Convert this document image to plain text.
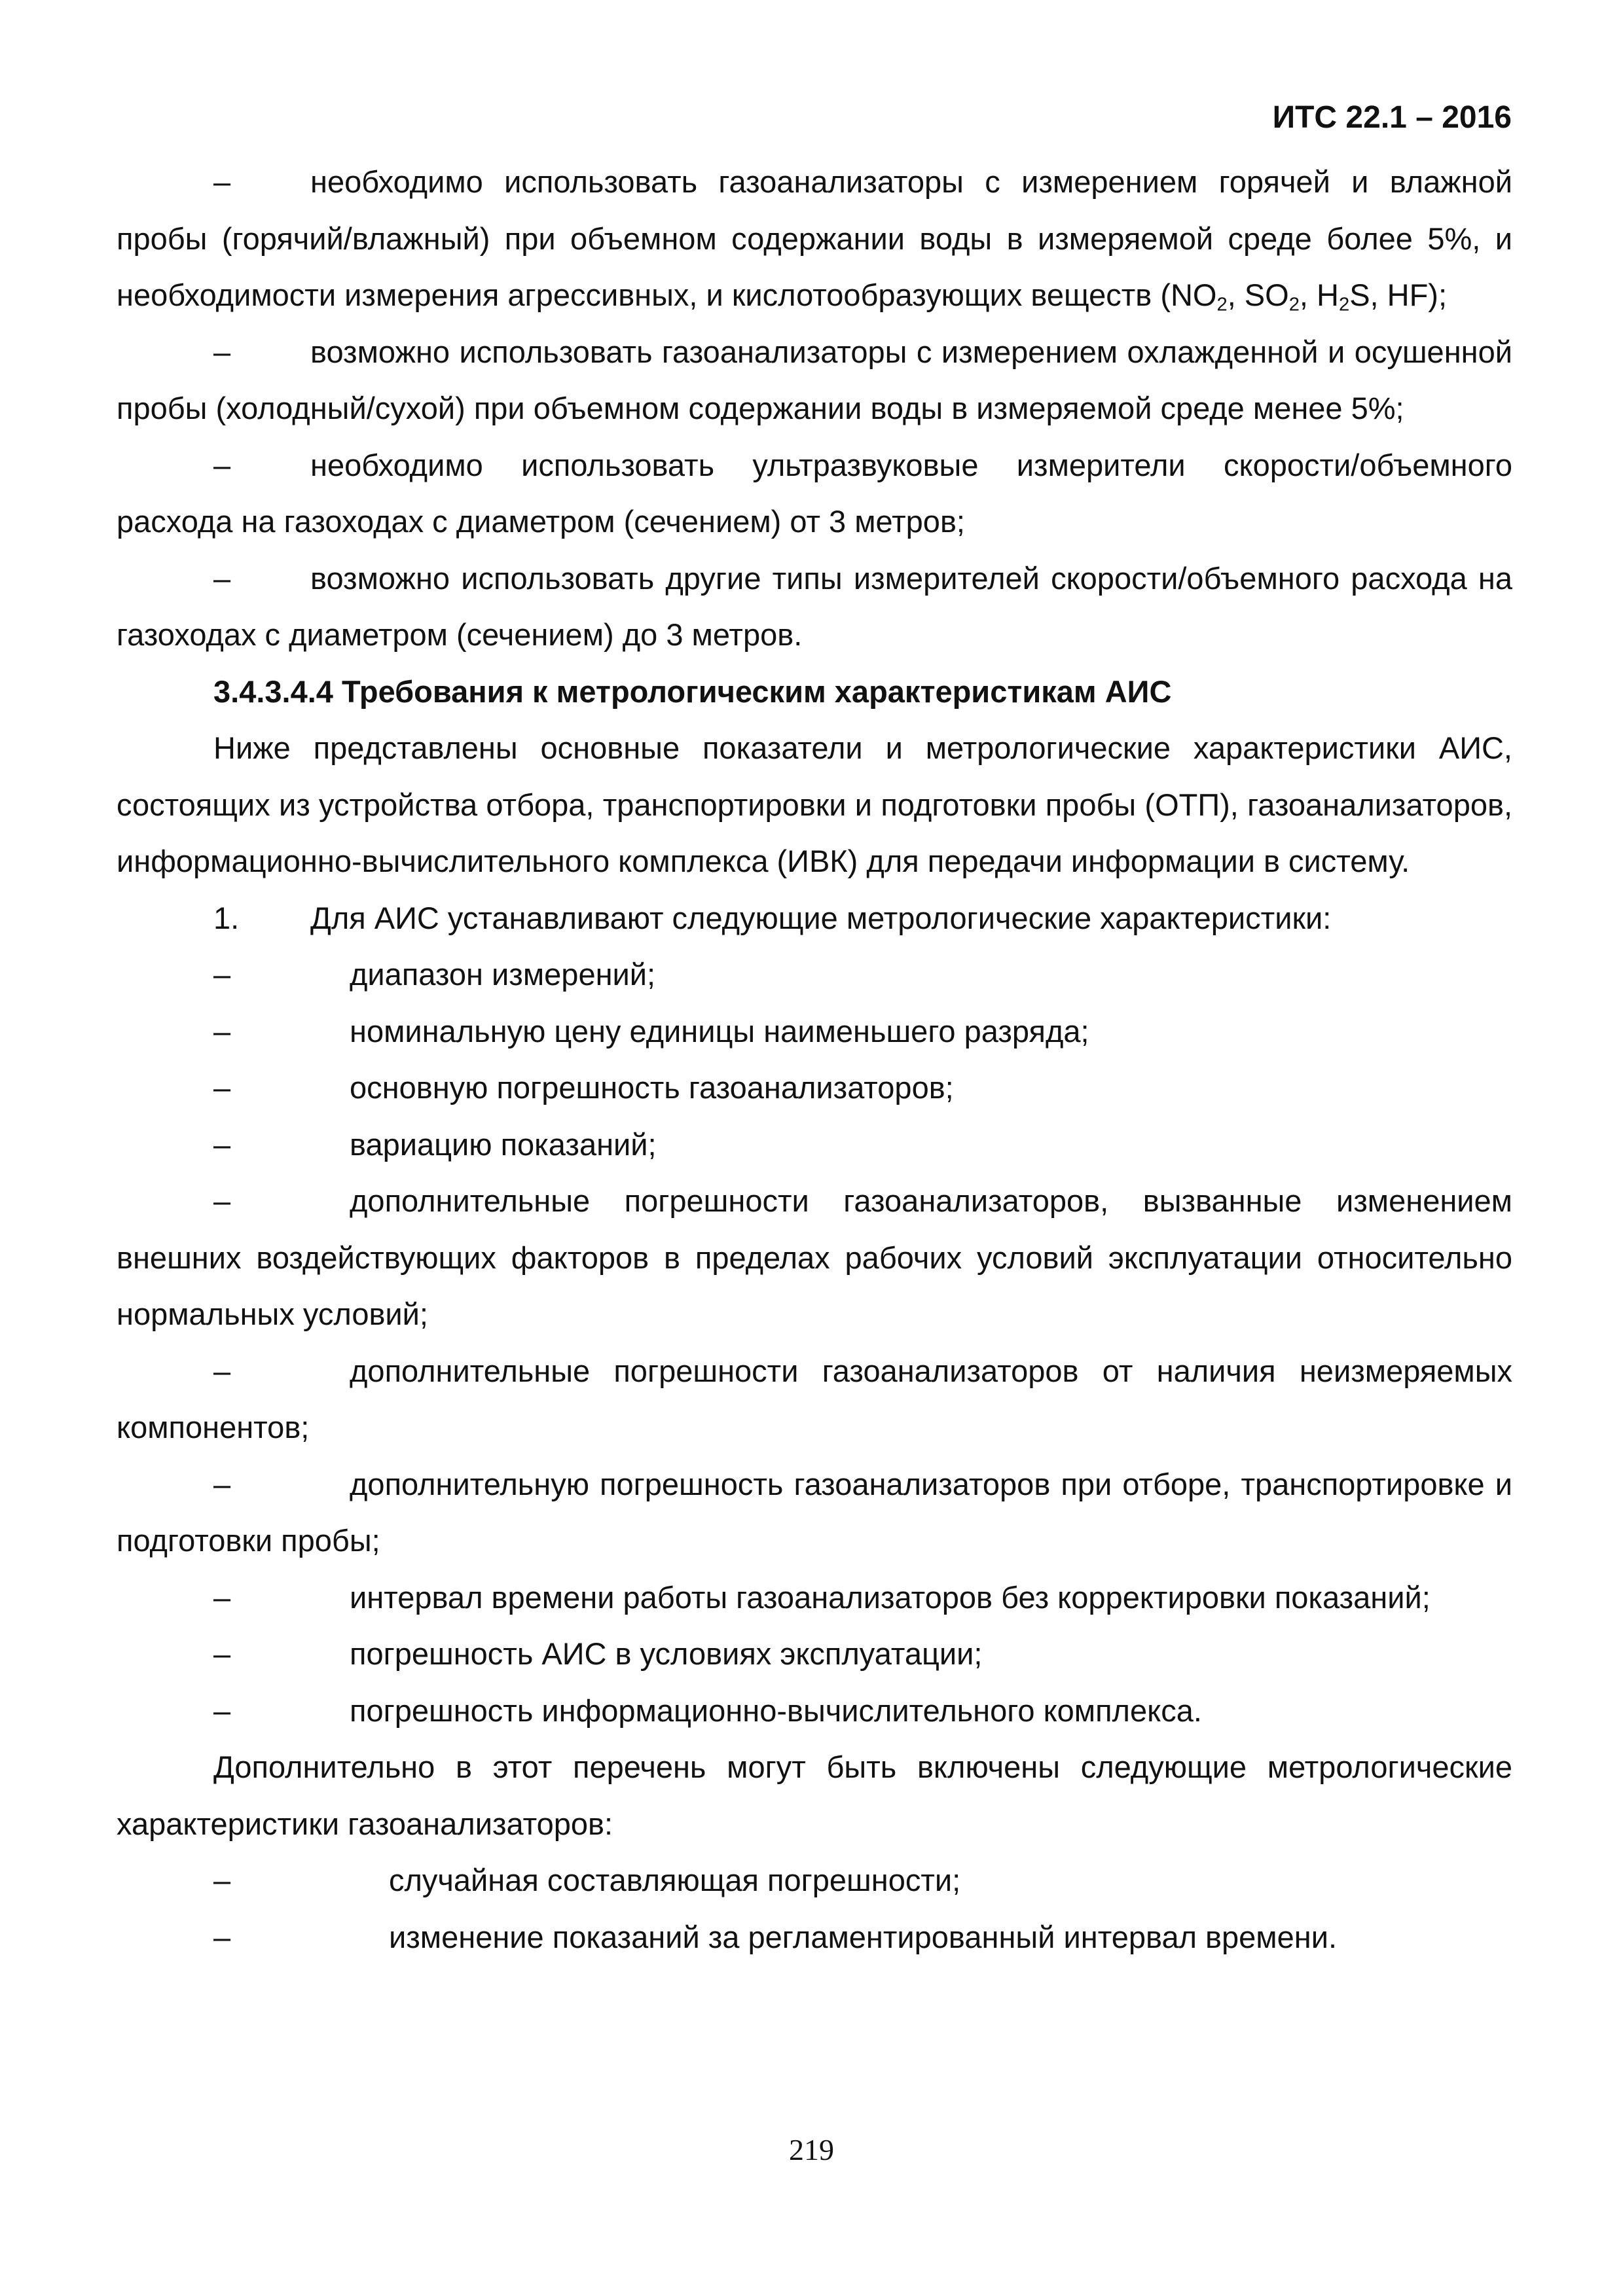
ИТС 22.1 – 2016

–	необходимо использовать газоанализаторы с измерением горячей и влажной пробы (горячий/влажный) при объемном содержании воды в измеряемой среде более 5%, и необходимости измерения агрессивных, и кислотообразующих веществ ($NO_2$, $SO_2$, $H_2S$, HF);

–	возможно использовать газоанализаторы с измерением охлажденной и осушенной пробы (холодный/сухой) при объемном содержании воды в измеряемой среде менее 5%;

–	необходимо использовать ультразвуковые измерители скорости/объемного расхода на газоходах с диаметром (сечением) от 3 метров;

–	возможно использовать другие типы измерителей скорости/объемного расхода на газоходах с диаметром (сечением) до 3 метров.

3.4.3.4.4 Требования к метрологическим характеристикам АИС

Ниже представлены основные показатели и метрологические характеристики АИС, состоящих из устройства отбора, транспортировки и подготовки пробы (ОТП), газоанализаторов, информационно-вычислительного комплекса (ИВК) для передачи информации в систему.

1. Для АИС устанавливают следующие метрологические характеристики:

–	диапазон измерений;

–	номинальную цену единицы наименьшего разряда;

–	основную погрешность газоанализаторов;

–	вариацию показаний;

–	дополнительные погрешности газоанализаторов, вызванные изменением внешних воздействующих факторов в пределах рабочих условий эксплуатации относительно нормальных условий;

–	дополнительные погрешности газоанализаторов от наличия неизмеряемых компонентов;

–	дополнительную погрешность газоанализаторов при отборе, транспортировке и подготовки пробы;

–	интервал времени работы газоанализаторов без корректировки показаний;

–	погрешность АИС в условиях эксплуатации;

–	погрешность информационно-вычислительного комплекса.

Дополнительно в этот перечень могут быть включены следующие метрологические характеристики газоанализаторов:

–	случайная составляющая погрешности;

–	изменение показаний за регламентированный интервал времени.

219
